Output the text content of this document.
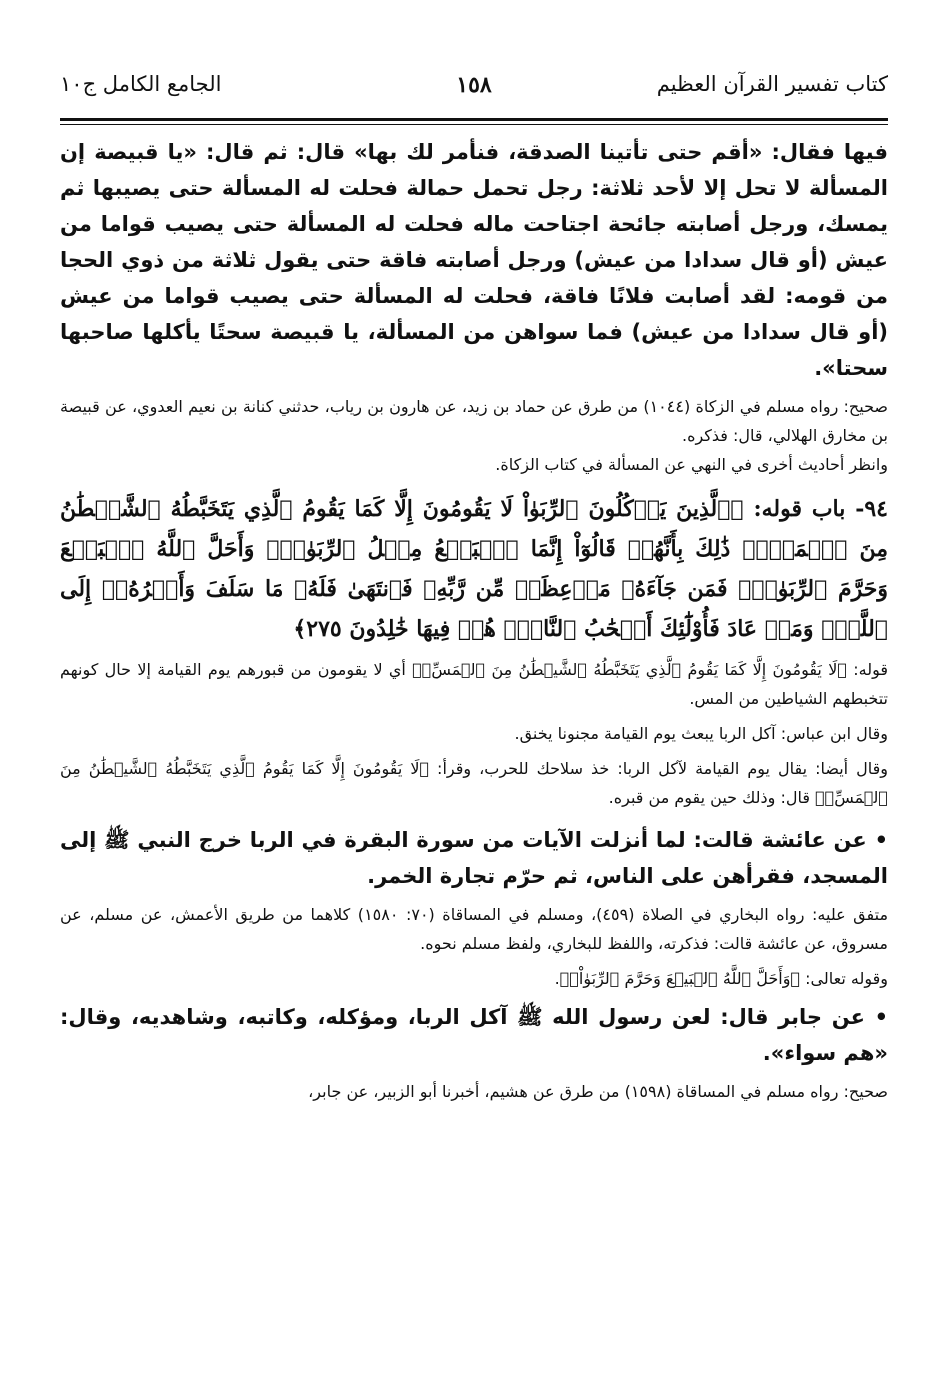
كتاب تفسير القرآن العظيم
١٥٨
الجامع الكامل ج١٠

فيها فقال: «أقم حتى تأتينا الصدقة، فنأمر لك بها» قال: ثم قال: «يا قبيصة إن المسألة لا تحل إلا لأحد ثلاثة: رجل تحمل حمالة فحلت له المسألة حتى يصيبها ثم يمسك، ورجل أصابته جائحة اجتاحت ماله فحلت له المسألة حتى يصيب قواما من عيش (أو قال سدادا من عيش) ورجل أصابته فاقة حتى يقول ثلاثة من ذوي الحجا من قومه: لقد أصابت فلانًا فاقة، فحلت له المسألة حتى يصيب قواما من عيش (أو قال سدادا من عيش) فما سواهن من المسألة، يا قبيصة سحتًا يأكلها صاحبها سحتا».

صحيح: رواه مسلم في الزكاة (١٠٤٤) من طرق عن حماد بن زيد، عن هارون بن رياب، حدثني كنانة بن نعيم العدوي، عن قبيصة بن مخارق الهلالي، قال: فذكره.

وانظر أحاديث أخرى في النهي عن المسألة في كتاب الزكاة.

٩٤- باب قوله: ﴿ٱلَّذِينَ يَأۡكُلُونَ ٱلرِّبَوٰاْ لَا يَقُومُونَ إِلَّا كَمَا يَقُومُ ٱلَّذِي يَتَخَبَّطُهُ ٱلشَّيۡطَٰنُ مِنَ ٱلۡمَسِّۚ ذَٰلِكَ بِأَنَّهُمۡ قَالُوٓاْ إِنَّمَا ٱلۡبَيۡعُ مِثۡلُ ٱلرِّبَوٰاْۗ وَأَحَلَّ ٱللَّهُ ٱلۡبَيۡعَ وَحَرَّمَ ٱلرِّبَوٰاْۚ فَمَن جَآءَهُۥ مَوۡعِظَةٞ مِّن رَّبِّهِۦ فَٱنتَهَىٰ فَلَهُۥ مَا سَلَفَ وَأَمۡرُهُۥٓ إِلَى ٱللَّهِۖ وَمَنۡ عَادَ فَأُوْلَٰٓئِكَ أَصۡحَٰبُ ٱلنَّارِۖ هُمۡ فِيهَا خَٰلِدُونَ ٢٧٥﴾

قوله: ﴿لَا يَقُومُونَ إِلَّا كَمَا يَقُومُ ٱلَّذِي يَتَخَبَّطُهُ ٱلشَّيۡطَٰنُ مِنَ ٱلۡمَسِّۚ﴾ أي لا يقومون من قبورهم يوم القيامة إلا حال كونهم تتخبطهم الشياطين من المس.

وقال ابن عباس: آكل الربا يبعث يوم القيامة مجنونا يخنق.

وقال أيضا: يقال يوم القيامة لآكل الربا: خذ سلاحك للحرب، وقرأ: ﴿لَا يَقُومُونَ إِلَّا كَمَا يَقُومُ ٱلَّذِي يَتَخَبَّطُهُ ٱلشَّيۡطَٰنُ مِنَ ٱلۡمَسِّۚ﴾ قال: وذلك حين يقوم من قبره.

• عن عائشة قالت: لما أنزلت الآيات من سورة البقرة في الربا خرج النبي ﷺ إلى المسجد، فقرأهن على الناس، ثم حرّم تجارة الخمر.

متفق عليه: رواه البخاري في الصلاة (٤٥٩)، ومسلم في المساقاة (٧٠: ١٥٨٠) كلاهما من طريق الأعمش، عن مسلم، عن مسروق، عن عائشة قالت: فذكرته، واللفظ للبخاري، ولفظ مسلم نحوه.

وقوله تعالى: ﴿وَأَحَلَّ ٱللَّهُ ٱلۡبَيۡعَ وَحَرَّمَ ٱلرِّبَوٰاْۚ﴾.

• عن جابر قال: لعن رسول الله ﷺ آكل الربا، ومؤكله، وكاتبه، وشاهديه، وقال: «هم سواء».

صحيح: رواه مسلم في المساقاة (١٥٩٨) من طرق عن هشيم، أخبرنا أبو الزبير، عن جابر،
